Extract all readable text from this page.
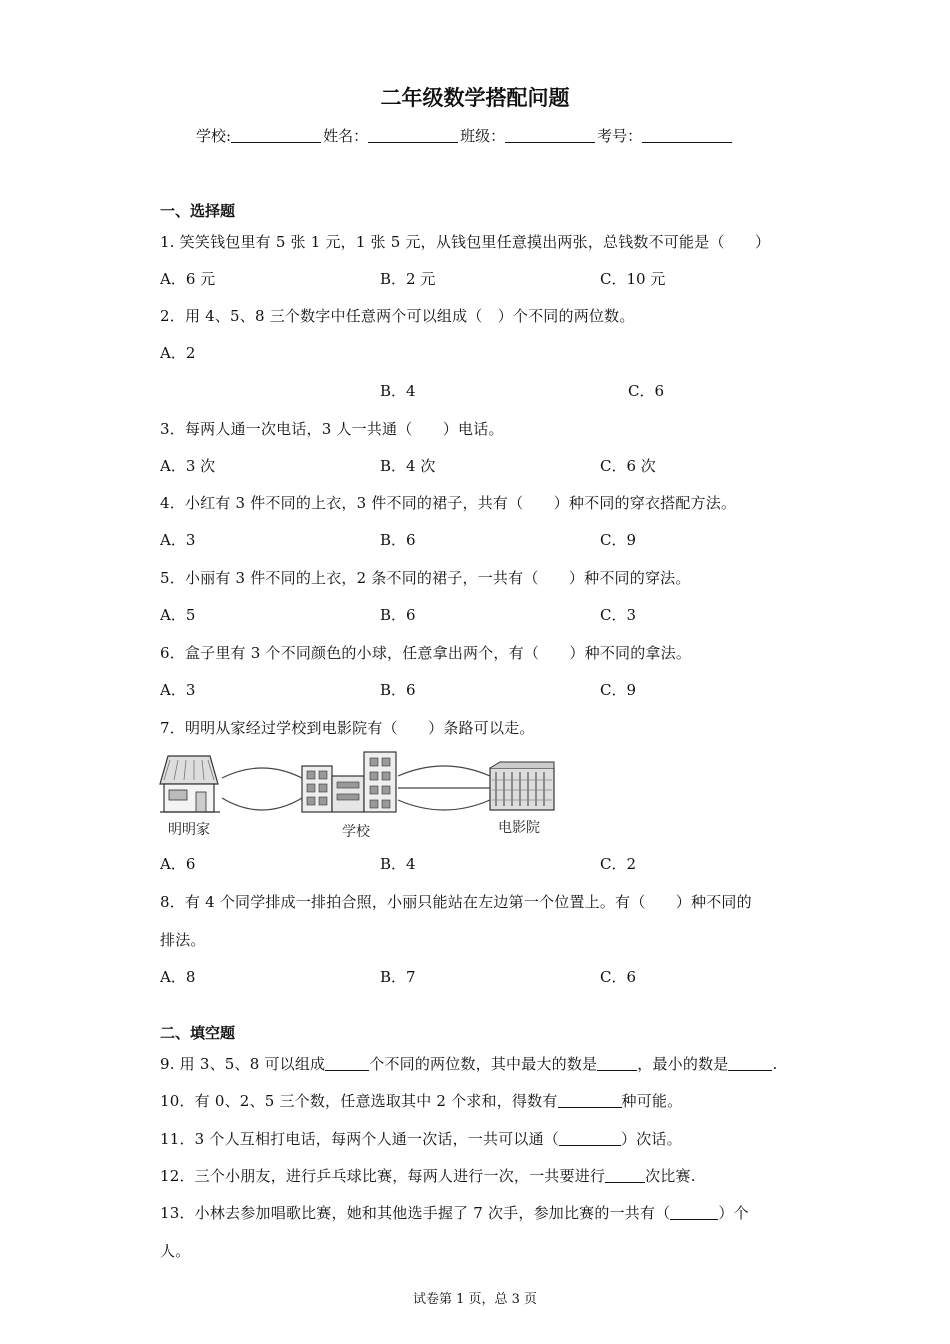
二年级数学搭配问题
学校:	姓名：	班级：	考号：
一、选择题
1. 笑笑钱包里有 5 张 1 元，1 张 5 元，从钱包里任意摸出两张，总钱数不可能是（　　）
A．6 元	B．2 元	C．10 元
2．用 4、5、8 三个数字中任意两个可以组成（　）个不同的两位数。
A．2
B．4	C．6
3．每两人通一次电话，3 人一共通（　　）电话。
A．3 次	B．4 次	C．6 次
4．小红有 3 件不同的上衣，3 件不同的裙子，共有（　　）种不同的穿衣搭配方法。
A．3	B．6	C．9
5．小丽有 3 件不同的上衣，2 条不同的裙子，一共有（　　）种不同的穿法。
A．5	B．6	C．3
6．盒子里有 3 个不同颜色的小球，任意拿出两个，有（　　）种不同的拿法。
A．3	B．6	C．9
7．明明从家经过学校到电影院有（　　）条路可以走。
明明家	学校	电影院
A．6	B．4	C．2
8．有 4 个同学排成一排拍合照，小丽只能站在左边第一个位置上。有（　　）种不同的
排法。
A．8	B．7	C．6
二、填空题
9. 用 3、5、8 可以组成	个不同的两位数，其中最大的数是	，最小的数是	.
10．有 0、2、5 三个数，任意选取其中 2 个求和，得数有	种可能。
11．3 个人互相打电话，每两个人通一次话，一共可以通（	）次话。
12．三个小朋友，进行乒乓球比赛，每两人进行一次，一共要进行	次比赛.
13．小林去参加唱歌比赛，她和其他选手握了 7 次手，参加比赛的一共有（	）个
人。
试卷第 1 页，总 3 页
